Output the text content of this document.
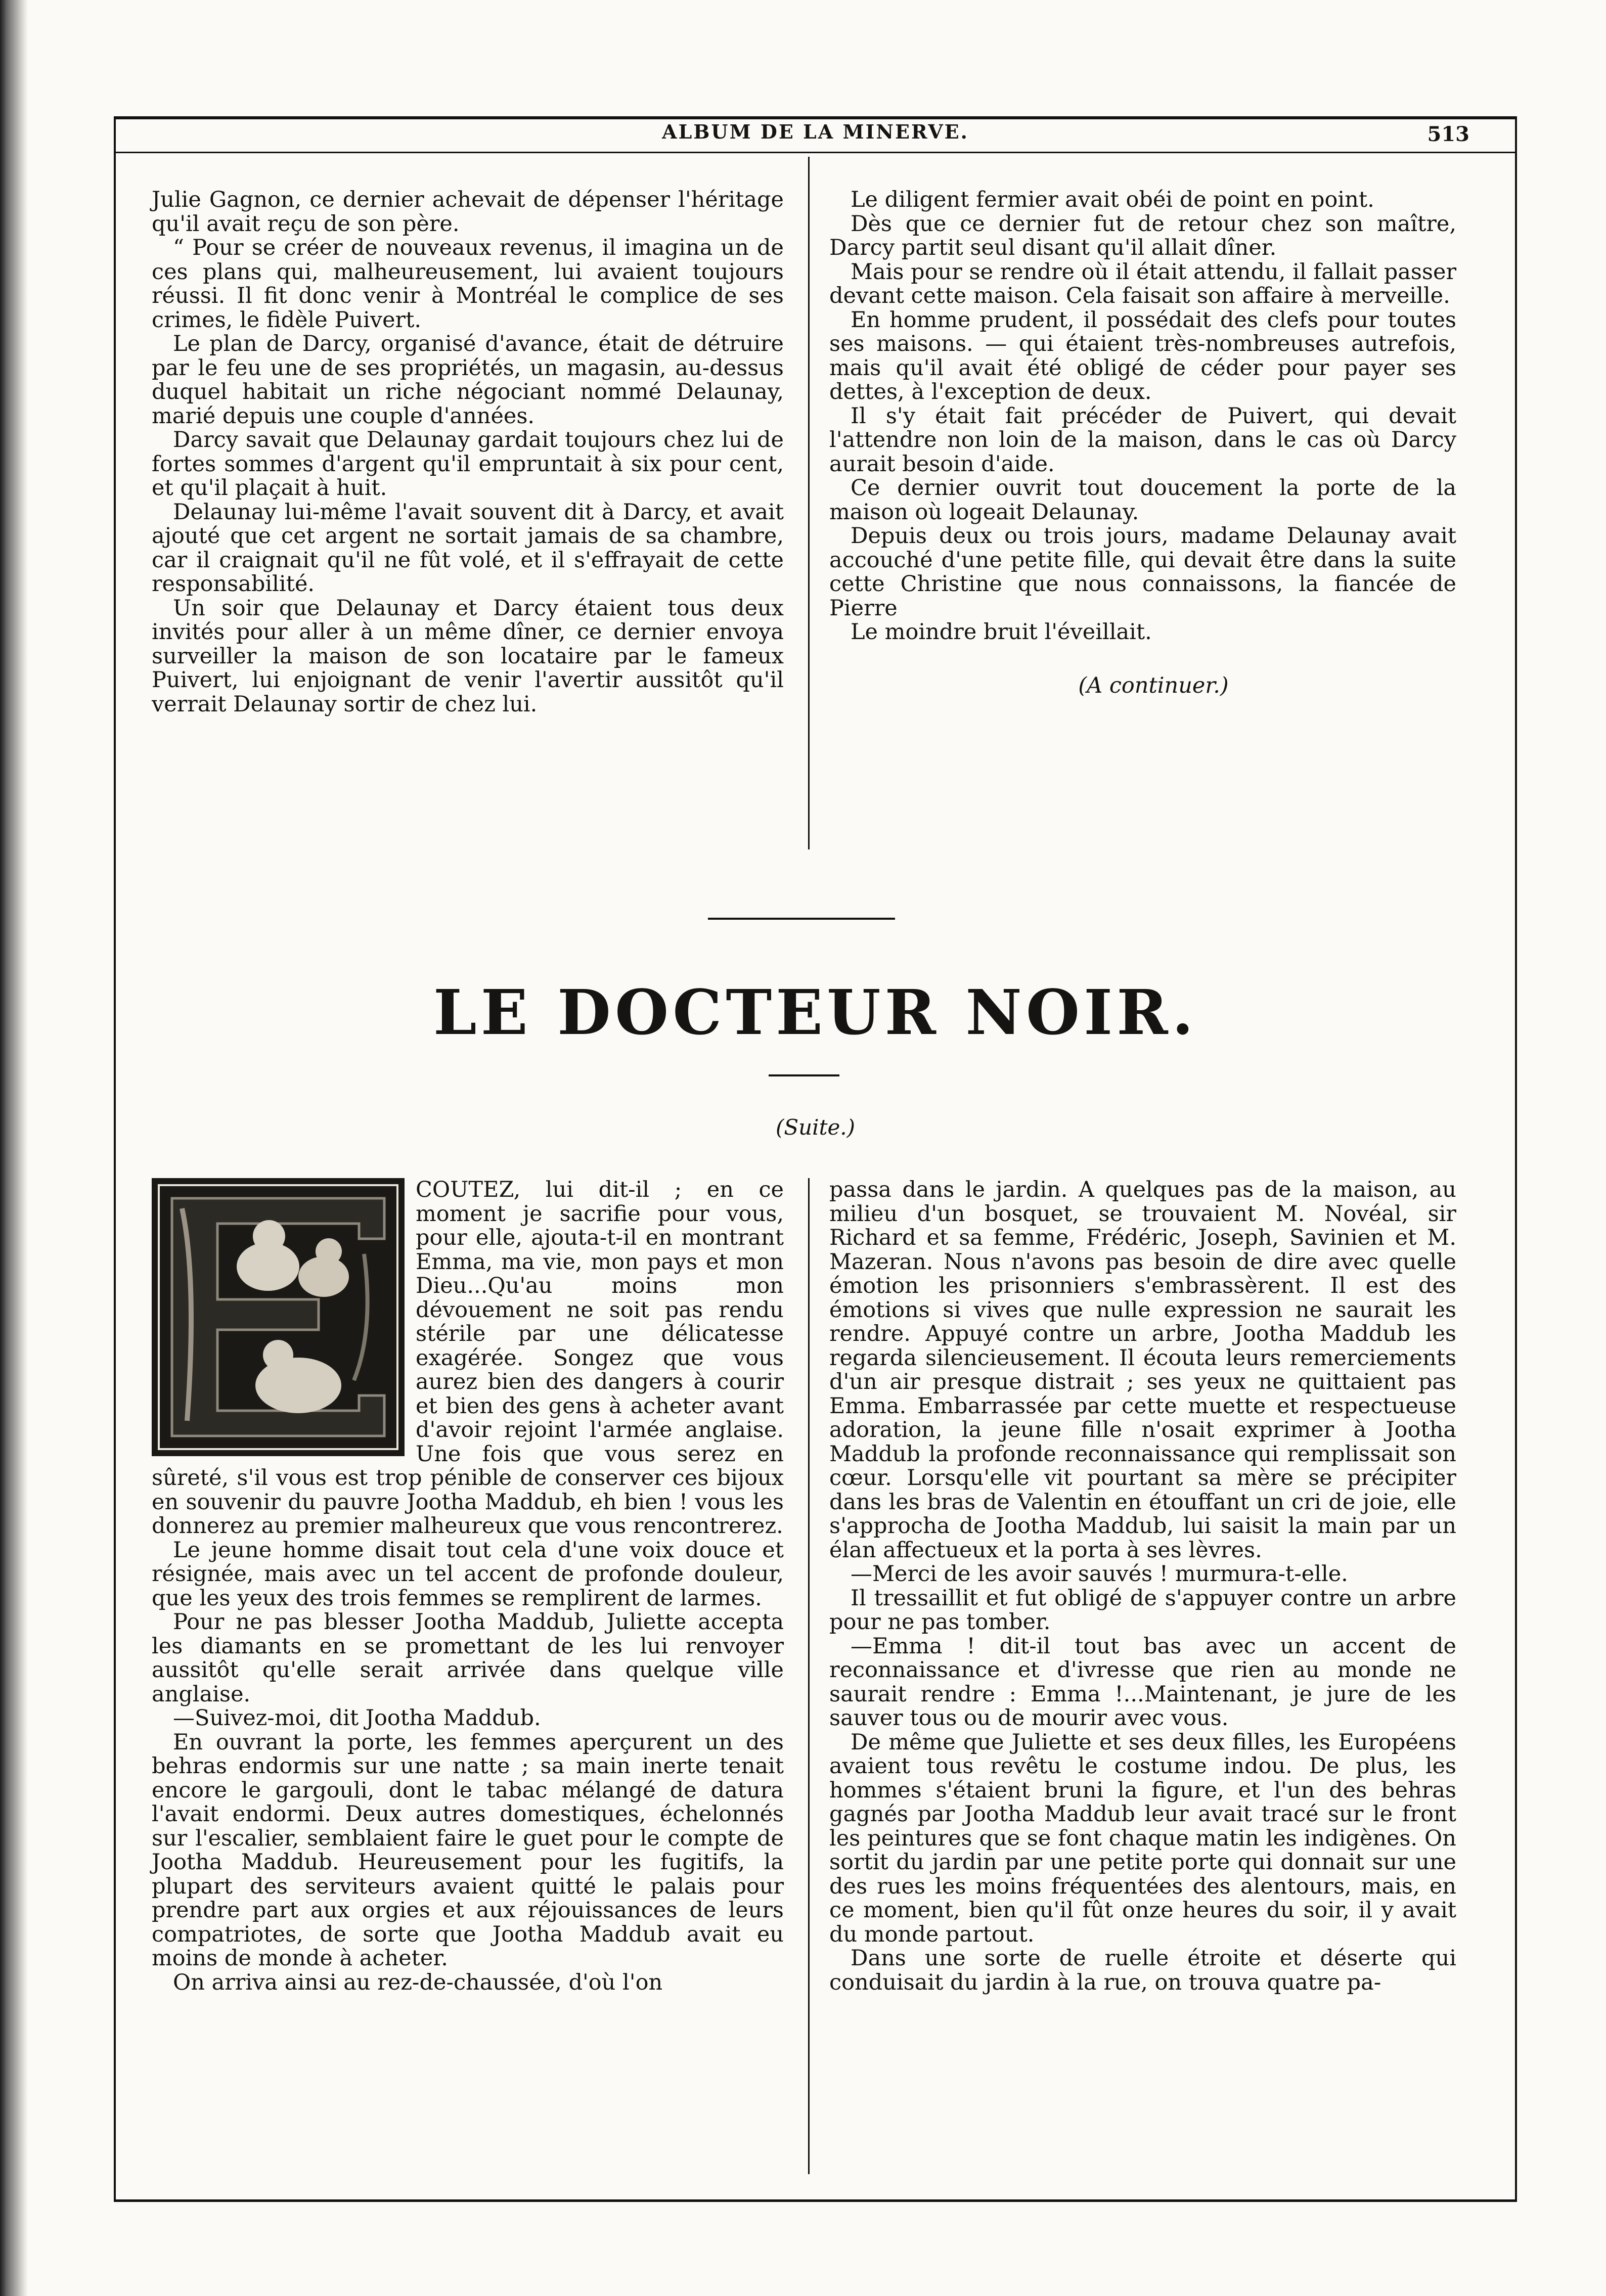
ALBUM DE LA MINERVE.	513

Julie Gagnon, ce dernier achevait de dépenser l'héritage qu'il avait reçu de son père.

“ Pour se créer de nouveaux revenus, il imagina un de ces plans qui, malheureusement, lui avaient toujours réussi. Il fit donc venir à Montréal le complice de ses crimes, le fidèle Puivert.

Le plan de Darcy, organisé d'avance, était de détruire par le feu une de ses propriétés, un magasin, au-dessus duquel habitait un riche négociant nommé Delaunay, marié depuis une couple d'années.

Darcy savait que Delaunay gardait toujours chez lui de fortes sommes d'argent qu'il empruntait à six pour cent, et qu'il plaçait à huit.

Delaunay lui-même l'avait souvent dit à Darcy, et avait ajouté que cet argent ne sortait jamais de sa chambre, car il craignait qu'il ne fût volé, et il s'effrayait de cette responsabilité.

Un soir que Delaunay et Darcy étaient tous deux invités pour aller à un même dîner, ce dernier envoya surveiller la maison de son locataire par le fameux Puivert, lui enjoignant de venir l'avertir aussitôt qu'il verrait Delaunay sortir de chez lui.

Le diligent fermier avait obéi de point en point.

Dès que ce dernier fut de retour chez son maître, Darcy partit seul disant qu'il allait dîner.

Mais pour se rendre où il était attendu, il fallait passer devant cette maison. Cela faisait son affaire à merveille.

En homme prudent, il possédait des clefs pour toutes ses maisons. — qui étaient très-nombreuses autrefois, mais qu'il avait été obligé de céder pour payer ses dettes, à l'exception de deux.

Il s'y était fait précéder de Puivert, qui devait l'attendre non loin de la maison, dans le cas où Darcy aurait besoin d'aide.

Ce dernier ouvrit tout doucement la porte de la maison où logeait Delaunay.

Depuis deux ou trois jours, madame Delaunay avait accouché d'une petite fille, qui devait être dans la suite cette Christine que nous connaissons, la fiancée de Pierre

Le moindre bruit l'éveillait.

(A continuer.)

LE DOCTEUR NOIR.
(Suite.)

COUTEZ, lui dit-il ; en ce moment je sacrifie pour vous, pour elle, ajouta-t-il en montrant Emma, ma vie, mon pays et mon Dieu...Qu'au moins mon dévouement ne soit pas rendu stérile par une délicatesse exagérée. Songez que vous aurez bien des dangers à courir et bien des gens à acheter avant d'avoir rejoint l'armée anglaise. Une fois que vous serez en sûreté, s'il vous est trop pénible de conserver ces bijoux en souvenir du pauvre Jootha Maddub, eh bien ! vous les donnerez au premier malheureux que vous rencontrerez.

Le jeune homme disait tout cela d'une voix douce et résignée, mais avec un tel accent de profonde douleur, que les yeux des trois femmes se remplirent de larmes.

Pour ne pas blesser Jootha Maddub, Juliette accepta les diamants en se promettant de les lui renvoyer aussitôt qu'elle serait arrivée dans quelque ville anglaise.

—Suivez-moi, dit Jootha Maddub.

En ouvrant la porte, les femmes aperçurent un des behras endormis sur une natte ; sa main inerte tenait encore le gargouli, dont le tabac mélangé de datura l'avait endormi. Deux autres domestiques, échelonnés sur l'escalier, semblaient faire le guet pour le compte de Jootha Maddub. Heureusement pour les fugitifs, la plupart des serviteurs avaient quitté le palais pour prendre part aux orgies et aux réjouissances de leurs compatriotes, de sorte que Jootha Maddub avait eu moins de monde à acheter.

On arriva ainsi au rez-de-chaussée, d'où l'on

passa dans le jardin. A quelques pas de la maison, au milieu d'un bosquet, se trouvaient M. Novéal, sir Richard et sa femme, Frédéric, Joseph, Savinien et M. Mazeran. Nous n'avons pas besoin de dire avec quelle émotion les prisonniers s'embrassèrent. Il est des émotions si vives que nulle expression ne saurait les rendre. Appuyé contre un arbre, Jootha Maddub les regarda silencieusement. Il écouta leurs remerciements d'un air presque distrait ; ses yeux ne quittaient pas Emma. Embarrassée par cette muette et respectueuse adoration, la jeune fille n'osait exprimer à Jootha Maddub la profonde reconnaissance qui remplissait son cœur. Lorsqu'elle vit pourtant sa mère se précipiter dans les bras de Valentin en étouffant un cri de joie, elle s'approcha de Jootha Maddub, lui saisit la main par un élan affectueux et la porta à ses lèvres.

—Merci de les avoir sauvés ! murmura-t-elle.

Il tressaillit et fut obligé de s'appuyer contre un arbre pour ne pas tomber.

—Emma ! dit-il tout bas avec un accent de reconnaissance et d'ivresse que rien au monde ne saurait rendre : Emma !...Maintenant, je jure de les sauver tous ou de mourir avec vous.

De même que Juliette et ses deux filles, les Européens avaient tous revêtu le costume indou. De plus, les hommes s'étaient bruni la figure, et l'un des behras gagnés par Jootha Maddub leur avait tracé sur le front les peintures que se font chaque matin les indigènes. On sortit du jardin par une petite porte qui donnait sur une des rues les moins fréquentées des alentours, mais, en ce moment, bien qu'il fût onze heures du soir, il y avait du monde partout.

Dans une sorte de ruelle étroite et déserte qui conduisait du jardin à la rue, on trouva quatre pa-
